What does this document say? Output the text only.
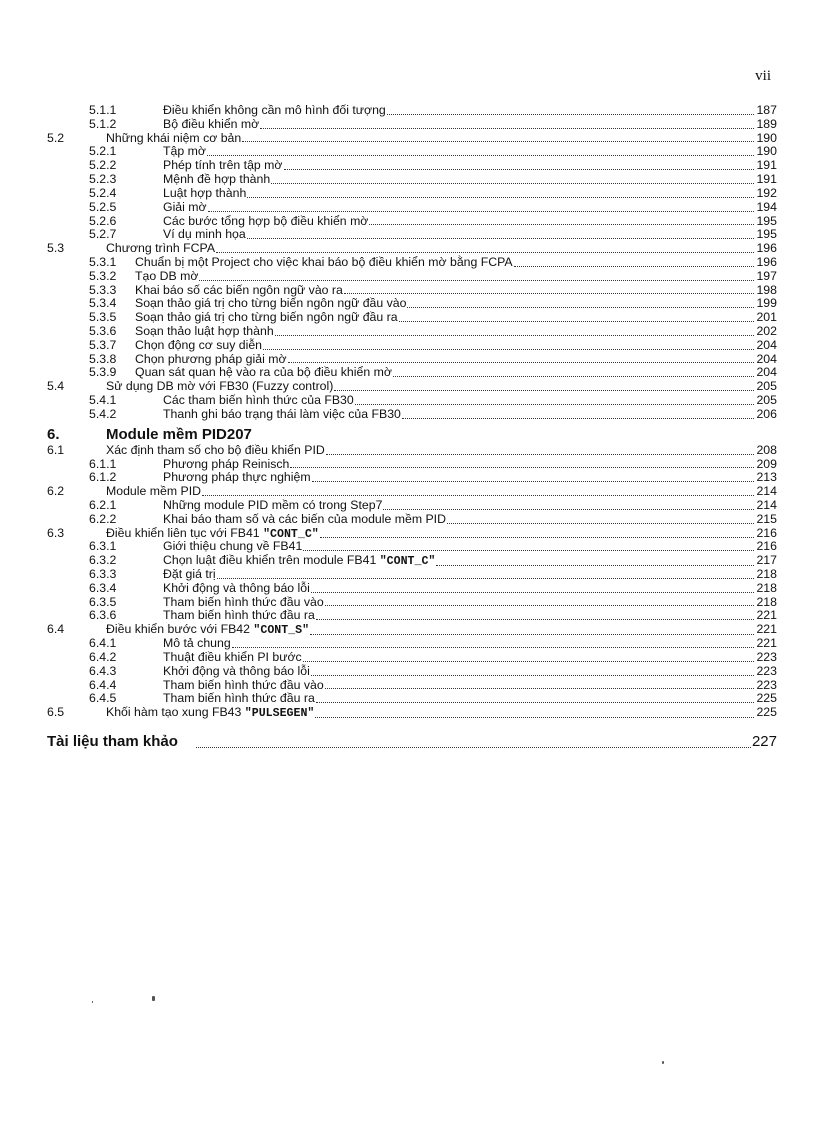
vii
5.1.1	Điều khiển không cần mô hình đối tượng	187
5.1.2	Bộ điều khiển mờ	189
5.2	Những khái niệm cơ bản	190
5.2.1	Tập mờ	190
5.2.2	Phép tính trên tập mờ	191
5.2.3	Mệnh đề hợp thành	191
5.2.4	Luật hợp thành	192
5.2.5	Giải mờ	194
5.2.6	Các bước tổng hợp bộ điều khiển mờ	195
5.2.7	Ví dụ minh họa	195
5.3	Chương trình FCPA	196
5.3.1 Chuẩn bị một Project cho việc khai báo bộ điều khiển mờ bằng FCPA	196
5.3.2 Tạo DB mờ	197
5.3.3 Khai báo số các biến ngôn ngữ vào ra	198
5.3.4 Soạn thảo giá trị cho từng biến ngôn ngữ đầu vào	199
5.3.5 Soạn thảo giá trị cho từng biến ngôn ngữ đầu ra	201
5.3.6 Soạn thảo luật hợp thành	202
5.3.7 Chọn động cơ suy diễn	204
5.3.8 Chọn phương pháp giải mờ	204
5.3.9 Quan sát quan hệ vào ra của bộ điều khiển mờ	204
5.4	Sử dụng DB mờ với FB30 (Fuzzy control)	205
5.4.1	Các tham biến hình thức của FB30	205
5.4.2	Thanh ghi báo trạng thái làm việc của FB30	206
6.	Module mềm PID 207
6.1	Xác định tham số cho bộ điều khiển PID	208
6.1.1	Phương pháp Reinisch	209
6.1.2	Phương pháp thực nghiệm	213
6.2	Module mềm PID	214
6.2.1	Những module PID mềm có trong Step7	214
6.2.2	Khai báo tham số và các biến của module mềm PID	215
6.3	Điều khiển liên tục với FB41 "CONT_C"	216
6.3.1	Giới thiệu chung về FB41	216
6.3.2	Chọn luật điều khiển trên module FB41 "CONT_C"	217
6.3.3	Đặt giá trị	218
6.3.4	Khởi động và thông báo lỗi	218
6.3.5	Tham biến hình thức đầu vào	218
6.3.6	Tham biến hình thức đầu ra	221
6.4	Điều khiển bước với FB42 "CONT_S"	221
6.4.1	Mô tả chung	221
6.4.2	Thuật điều khiển PI bước	223
6.4.3	Khởi động và thông báo lỗi	223
6.4.4	Tham biến hình thức đầu vào	223
6.4.5	Tham biến hình thức đầu ra	225
6.5	Khối hàm tạo xung FB43 "PULSEGEN"	225
Tài liệu tham khảo	227
